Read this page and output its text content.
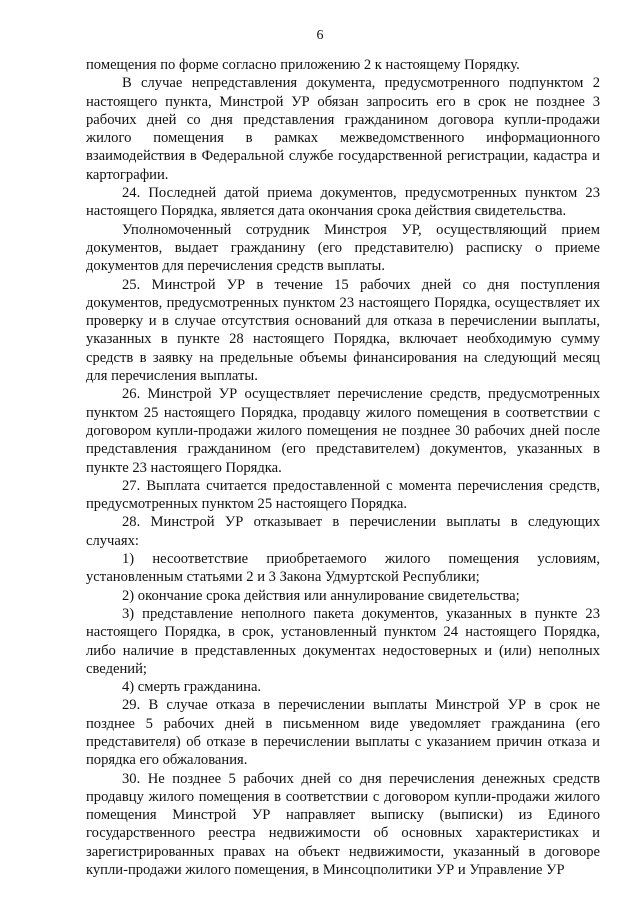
6

помещения по форме согласно приложению 2 к настоящему Порядку.

В случае непредставления документа, предусмотренного подпунктом 2 настоящего пункта, Минстрой УР обязан запросить его в срок не позднее 3 рабочих дней со дня представления гражданином договора купли-продажи жилого помещения в рамках межведомственного информационного взаимодействия в Федеральной службе государственной регистрации, кадастра и картографии.

24. Последней датой приема документов, предусмотренных пунктом 23 настоящего Порядка, является дата окончания срока действия свидетельства.

Уполномоченный сотрудник Минстроя УР, осуществляющий прием документов, выдает гражданину (его представителю) расписку о приеме документов для перечисления средств выплаты.

25. Минстрой УР в течение 15 рабочих дней со дня поступления документов, предусмотренных пунктом 23 настоящего Порядка, осуществляет их проверку и в случае отсутствия оснований для отказа в перечислении выплаты, указанных в пункте 28 настоящего Порядка, включает необходимую сумму средств в заявку на предельные объемы финансирования на следующий месяц для перечисления выплаты.

26. Минстрой УР осуществляет перечисление средств, предусмотренных пунктом 25 настоящего Порядка, продавцу жилого помещения в соответствии с договором купли-продажи жилого помещения не позднее 30 рабочих дней после представления гражданином (его представителем) документов, указанных в пункте 23 настоящего Порядка.

27. Выплата считается предоставленной с момента перечисления средств, предусмотренных пунктом 25 настоящего Порядка.

28. Минстрой УР отказывает в перечислении выплаты в следующих случаях:

1) несоответствие приобретаемого жилого помещения условиям, установленным статьями 2 и 3 Закона Удмуртской Республики;

2) окончание срока действия или аннулирование свидетельства;

3) представление неполного пакета документов, указанных в пункте 23 настоящего Порядка, в срок, установленный пунктом 24 настоящего Порядка, либо наличие в представленных документах недостоверных и (или) неполных сведений;

4) смерть гражданина.

29. В случае отказа в перечислении выплаты Минстрой УР в срок не позднее 5 рабочих дней в письменном виде уведомляет гражданина (его представителя) об отказе в перечислении выплаты с указанием причин отказа и порядка его обжалования.

30. Не позднее 5 рабочих дней со дня перечисления денежных средств продавцу жилого помещения в соответствии с договором купли-продажи жилого помещения Минстрой УР направляет выписку (выписки) из Единого государственного реестра недвижимости об основных характеристиках и зарегистрированных правах на объект недвижимости, указанный в договоре купли-продажи жилого помещения, в Минсоцполитики УР и Управление УР
